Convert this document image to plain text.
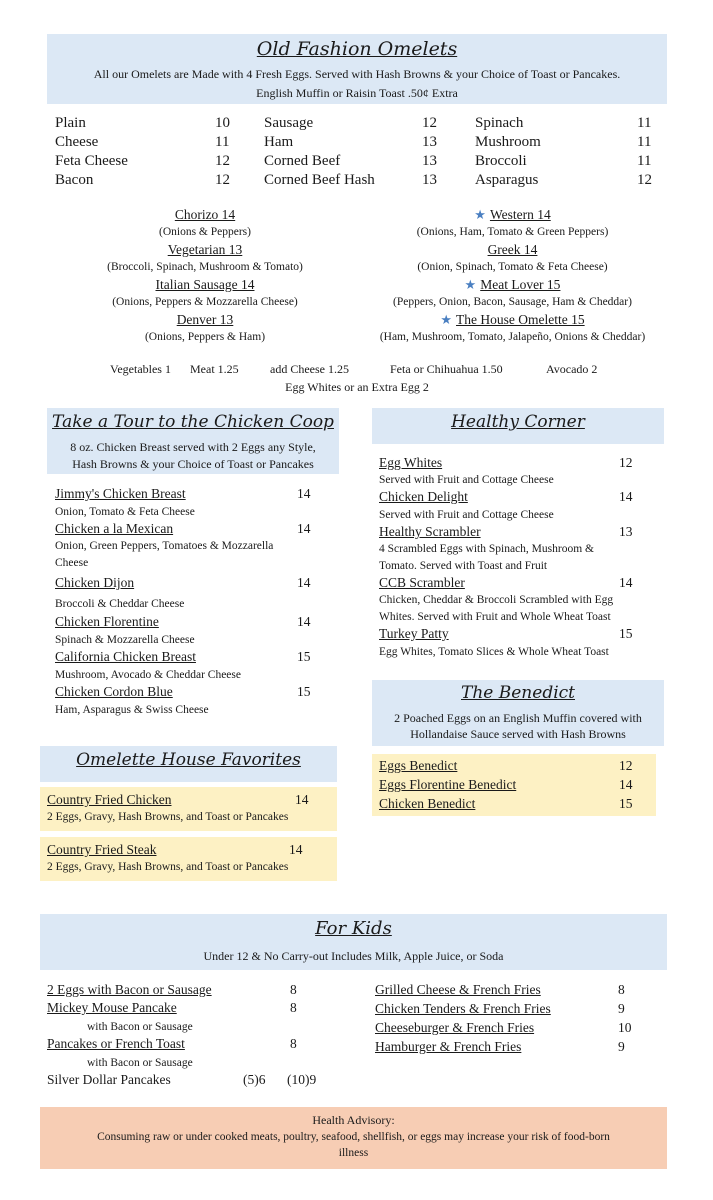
Old Fashion Omelets
All our Omelets are Made with 4 Fresh Eggs. Served with Hash Browns & your Choice of Toast or Pancakes.
English Muffin or Raisin Toast .50¢ Extra
Plain	10
Cheese	11
Feta Cheese	12
Bacon	12
Sausage	12
Ham	13
Corned Beef	13
Corned Beef Hash	13
Spinach	11
Mushroom	11
Broccoli	11
Asparagus	12
Chorizo 14
(Onions & Peppers)
Vegetarian 13
(Broccoli, Spinach, Mushroom & Tomato)
Italian Sausage 14
(Onions, Peppers & Mozzarella Cheese)
Denver 13
(Onions, Peppers & Ham)
★ Western 14
(Onions, Ham, Tomato & Green Peppers)
Greek 14
(Onion, Spinach, Tomato & Feta Cheese)
★ Meat Lover 15
(Peppers, Onion, Bacon, Sausage, Ham & Cheddar)
★ The House Omelette 15
(Ham, Mushroom, Tomato, Jalapeño, Onions & Cheddar)
Vegetables 1 Meat 1.25	add Cheese 1.25	Feta or Chihuahua 1.50	Avocado 2
Egg Whites or an Extra Egg 2
Take a Tour to the Chicken Coop
8 oz. Chicken Breast served with 2 Eggs any Style,
Hash Browns & your Choice of Toast or Pancakes
Jimmy's Chicken Breast	14
Onion, Tomato & Feta Cheese
Chicken a la Mexican	14
Onion, Green Peppers, Tomatoes & Mozzarella
Cheese
Chicken Dijon	14
Broccoli & Cheddar Cheese
Chicken Florentine	14
Spinach & Mozzarella Cheese
California Chicken Breast	15
Mushroom, Avocado & Cheddar Cheese
Chicken Cordon Blue	15
Ham, Asparagus & Swiss Cheese
Healthy Corner
Egg Whites	12
Served with Fruit and Cottage Cheese
Chicken Delight	14
Served with Fruit and Cottage Cheese
Healthy Scrambler	13
4 Scrambled Eggs with Spinach, Mushroom &
Tomato. Served with Toast and Fruit
CCB Scrambler	14
Chicken, Cheddar & Broccoli Scrambled with Egg
Whites. Served with Fruit and Whole Wheat Toast
Turkey Patty	15
Egg Whites, Tomato Slices & Whole Wheat Toast
The Benedict
2 Poached Eggs on an English Muffin covered with
Hollandaise Sauce served with Hash Browns
Eggs Benedict	12
Eggs Florentine Benedict	14
Chicken Benedict	15
Omelette House Favorites
Country Fried Chicken	14
2 Eggs, Gravy, Hash Browns, and Toast or Pancakes
Country Fried Steak	14
2 Eggs, Gravy, Hash Browns, and Toast or Pancakes
For Kids
Under 12 & No Carry-out Includes Milk, Apple Juice, or Soda
2 Eggs with Bacon or Sausage	8
Mickey Mouse Pancake	8
with Bacon or Sausage
Pancakes or French Toast	8
with Bacon or Sausage
Silver Dollar Pancakes	(5)6 (10)9
Grilled Cheese & French Fries	8
Chicken Tenders & French Fries	9
Cheeseburger & French Fries	10
Hamburger & French Fries	9
Health Advisory:
Consuming raw or under cooked meats, poultry, seafood, shellfish, or eggs may increase your risk of food-born
illness
